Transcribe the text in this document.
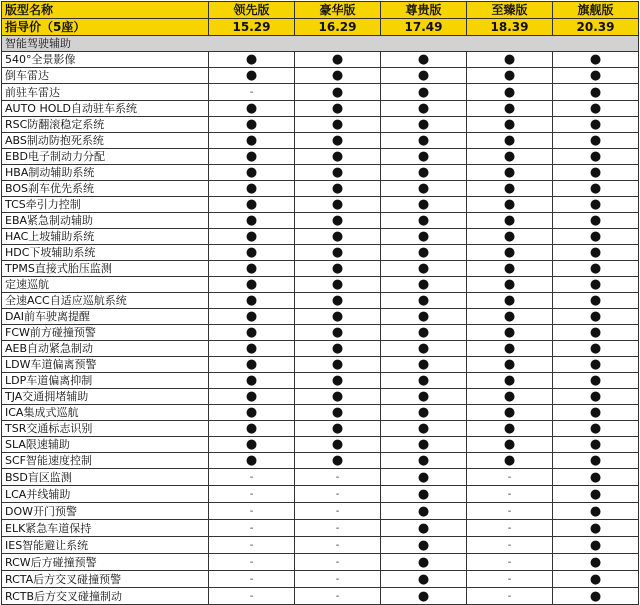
版型名称	领先版	豪华版	尊贵版	至臻版	旗舰版
指导价（5座）	15.29	16.29	17.49	18.39	20.39
智能驾驶辅助					
540°全景影像	●	●	●	●	●
倒车雷达	●	●	●	●	●
前驻车雷达	-	●	●	●	●
AUTO HOLD自动驻车系统	●	●	●	●	●
RSC防翻滚稳定系统	●	●	●	●	●
ABS制动防抱死系统	●	●	●	●	●
EBD电子制动力分配	●	●	●	●	●
HBA制动辅助系统	●	●	●	●	●
BOS刹车优先系统	●	●	●	●	●
TCS牵引力控制	●	●	●	●	●
EBA紧急制动辅助	●	●	●	●	●
HAC上坡辅助系统	●	●	●	●	●
HDC下坡辅助系统	●	●	●	●	●
TPMS直接式胎压监测	●	●	●	●	●
定速巡航	●	●	●	●	●
全速ACC自适应巡航系统	●	●	●	●	●
DAI前车驶离提醒	●	●	●	●	●
FCW前方碰撞预警	●	●	●	●	●
AEB自动紧急制动	●	●	●	●	●
LDW车道偏离预警	●	●	●	●	●
LDP车道偏离抑制	●	●	●	●	●
TJA交通拥堵辅助	●	●	●	●	●
ICA集成式巡航	●	●	●	●	●
TSR交通标志识别	●	●	●	●	●
SLA限速辅助	●	●	●	●	●
SCF智能速度控制	●	●	●	●	●
BSD盲区监测	-	-	●	-	●
LCA并线辅助	-	-	●	-	●
DOW开门预警	-	-	●	-	●
ELK紧急车道保持	-	-	●	-	●
IES智能避让系统	-	-	●	-	●
RCW后方碰撞预警	-	-	●	-	●
RCTA后方交叉碰撞预警	-	-	●	-	●
RCTB后方交叉碰撞制动	-	-	●	-	●
